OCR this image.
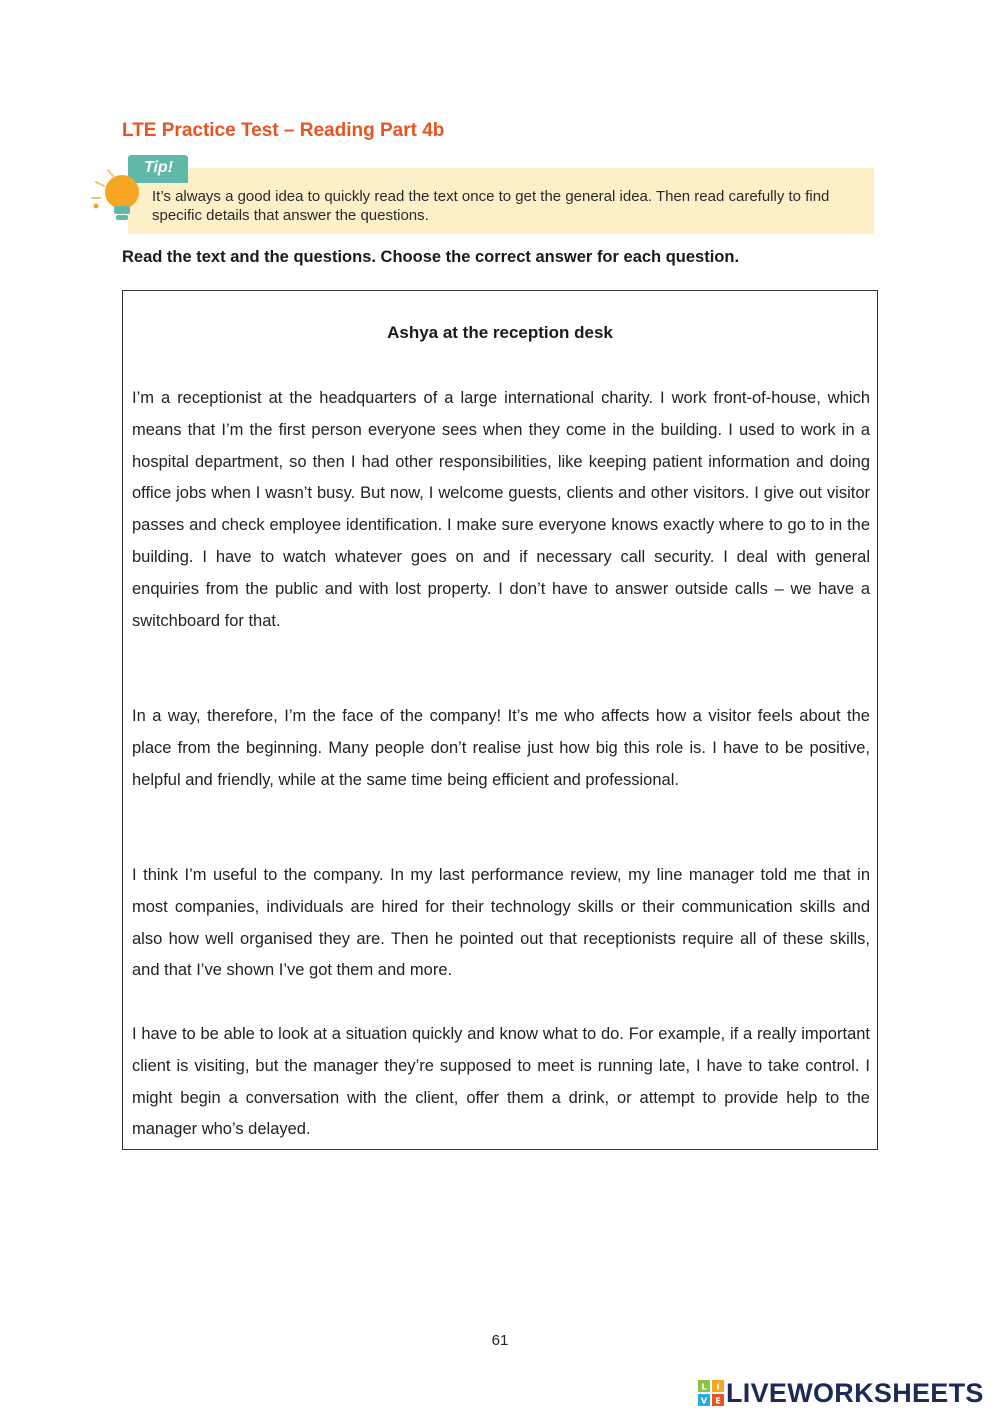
LTE Practice Test – Reading Part 4b
Tip!
It’s always a good idea to quickly read the text once to get the general idea. Then read carefully to find specific details that answer the questions.

Read the text and the questions. Choose the correct answer for each question.

Ashya at the reception desk

I’m a receptionist at the headquarters of a large international charity. I work front-of-house, which means that I’m the first person everyone sees when they come in the building. I used to work in a hospital department, so then I had other responsibilities, like keeping patient information and doing office jobs when I wasn’t busy. But now, I welcome guests, clients and other visitors. I give out visitor passes and check employee identification. I make sure everyone knows exactly where to go to in the building. I have to watch whatever goes on and if necessary call security. I deal with general enquiries from the public and with lost property. I don’t have to answer outside calls – we have a switchboard for that.

In a way, therefore, I’m the face of the company! It’s me who affects how a visitor feels about the place from the beginning. Many people don’t realise just how big this role is. I have to be positive, helpful and friendly, while at the same time being efficient and professional.

I think I’m useful to the company. In my last performance review, my line manager told me that in most companies, individuals are hired for their technology skills or their communication skills and also how well organised they are. Then he pointed out that receptionists require all of these skills, and that I’ve shown I’ve got them and more.

I have to be able to look at a situation quickly and know what to do. For example, if a really important client is visiting, but the manager they’re supposed to meet is running late, I have to take control. I might begin a conversation with the client, offer them a drink, or attempt to provide help to the manager who’s delayed.

61
L I
V E LIVEWORKSHEETS
